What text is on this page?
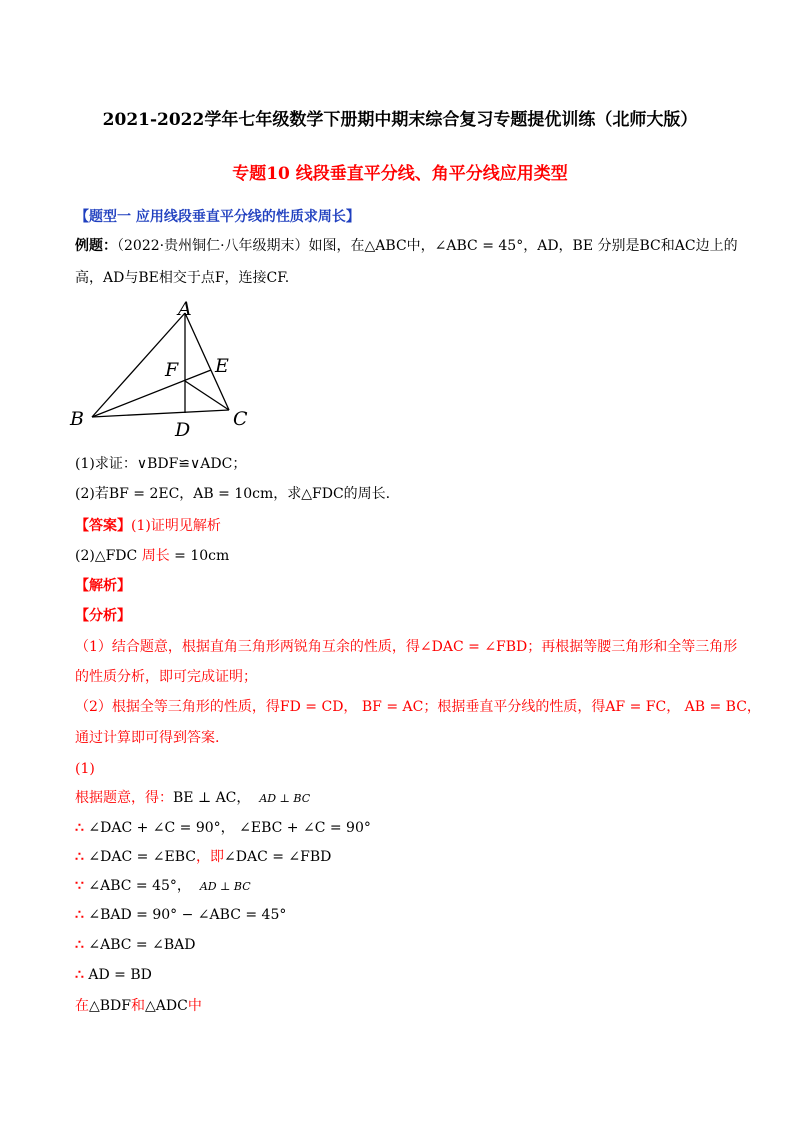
2021-2022学年七年级数学下册期中期末综合复习专题提优训练（北师大版）
专题10 线段垂直平分线、角平分线应用类型
【题型一 应用线段垂直平分线的性质求周长】
例题：（2022·贵州铜仁·八年级期末）如图，在△ABC中，∠ABC = 45°，AD，BE 分别是BC和AC边上的
高，AD与BE相交于点F，连接CF.
A
B	C
D
E
F
(1)求证：∨BDF≌∨ADC；
(2)若BF = 2EC，AB = 10cm，求△FDC的周长.
【答案】(1)证明见解析
(2)△FDC 周长 = 10cm
【解析】
【分析】
（1）结合题意，根据直角三角形两锐角互余的性质，得∠DAC = ∠FBD；再根据等腰三角形和全等三角形
的性质分析，即可完成证明；
（2）根据全等三角形的性质，得FD = CD， BF = AC；根据垂直平分线的性质，得AF = FC， AB = BC，
通过计算即可得到答案.
(1)
根据题意，得：BE ⊥ AC， AD ⊥ BC
∴ ∠DAC + ∠C = 90°， ∠EBC + ∠C = 90°
∴ ∠DAC = ∠EBC，即∠DAC = ∠FBD
∵ ∠ABC = 45°， AD ⊥ BC
∴ ∠BAD = 90° − ∠ABC = 45°
∴ ∠ABC = ∠BAD
∴ AD = BD
在△BDF和△ADC中
